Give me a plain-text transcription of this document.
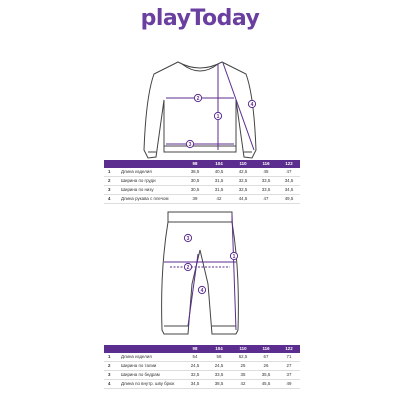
playToday
1
2
3
4
1
2
3
4
98	104	110	116	122
1 Длина изделия	38,5	40,5	42,5	45	47
2 Ширина по груди	30,5	31,5	32,5	33,5	34,5
3 Ширина по низу	30,5	31,5	32,5	33,5	34,5
4 Длина рукава с плечом	39	42	44,5	47	49,5
98	104	110	116	122
1 Длина изделия	54	58	62,5	67	71
2 Ширина по талии	24,5	24,5	25	26	27
3 Ширина по бедрам	32,5	33,5	35	35,5	37
4 Длина по внутр. шву брюк	34,5	38,5	42	45,5	49
